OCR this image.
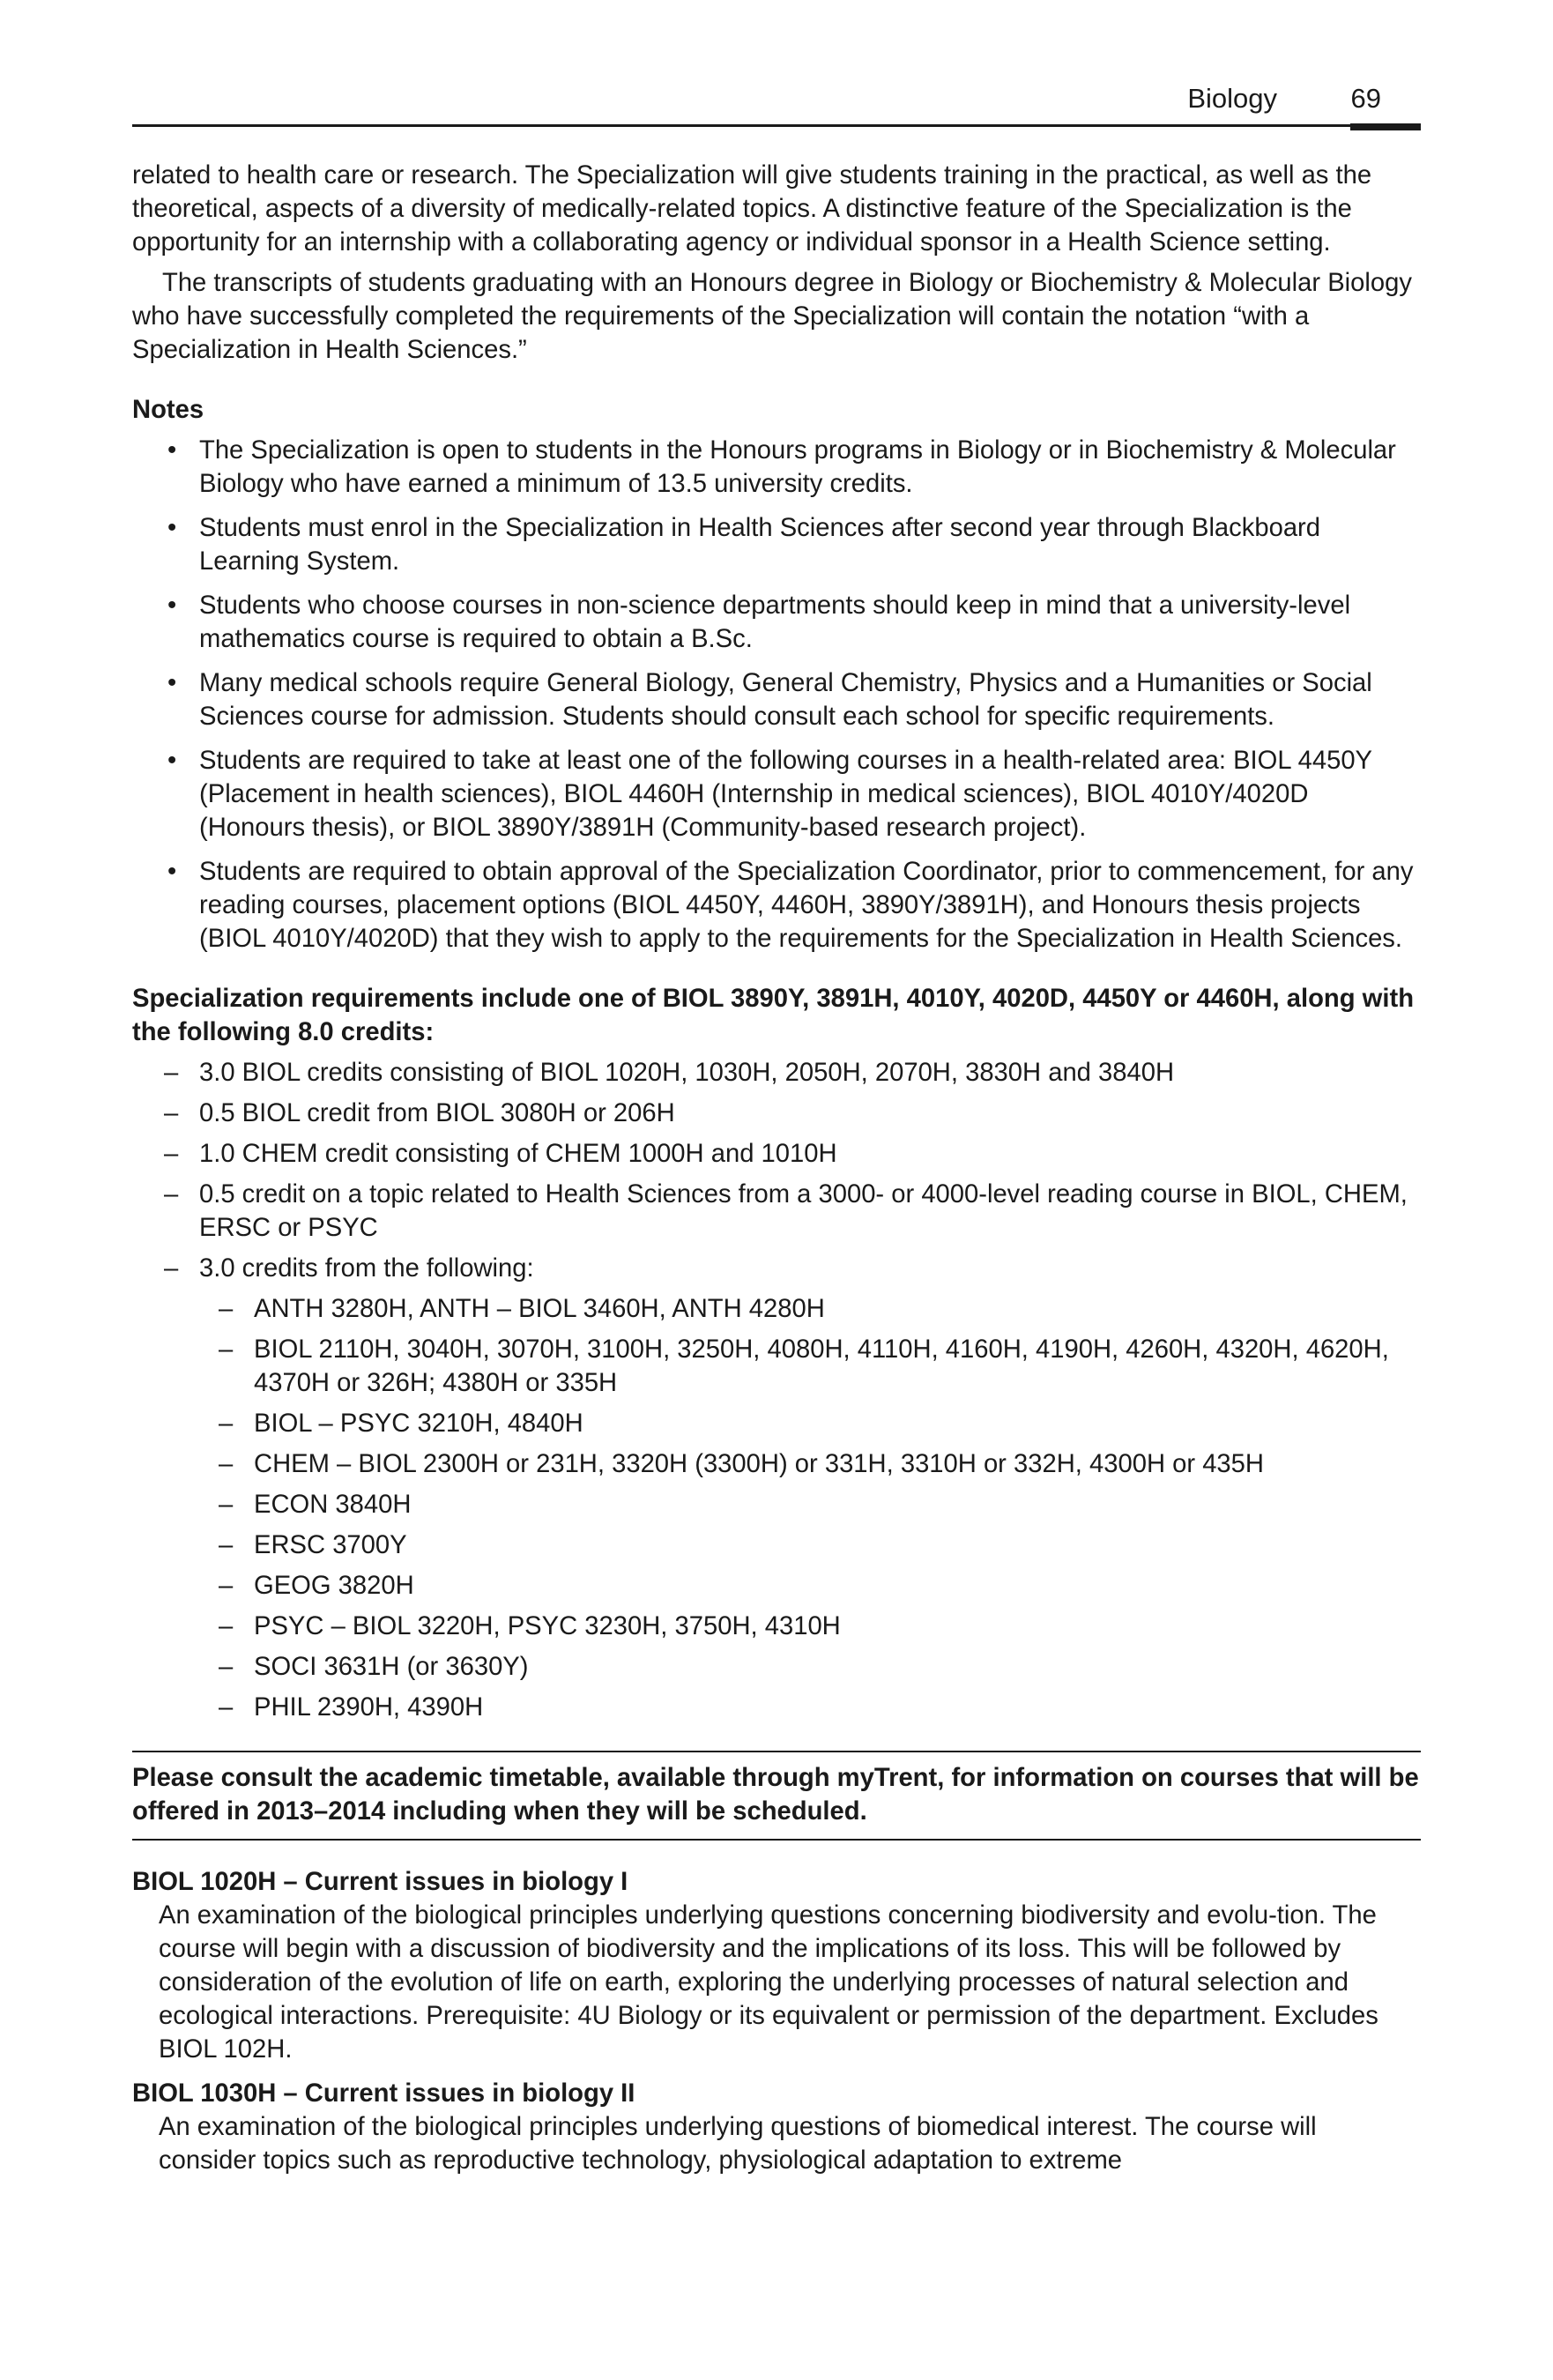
Biology	69

related to health care or research. The Specialization will give students training in the practical, as well as the theoretical, aspects of a diversity of medically-related topics. A distinctive feature of the Specialization is the opportunity for an internship with a collaborating agency or individual sponsor in a Health Science setting.

The transcripts of students graduating with an Honours degree in Biology or Biochemistry & Molecular Biology who have successfully completed the requirements of the Specialization will contain the notation “with a Specialization in Health Sciences.”

Notes
• The Specialization is open to students in the Honours programs in Biology or in Biochemistry & Molecular Biology who have earned a minimum of 13.5 university credits.
• Students must enrol in the Specialization in Health Sciences after second year through Blackboard Learning System.
• Students who choose courses in non-science departments should keep in mind that a university-level mathematics course is required to obtain a B.Sc.
• Many medical schools require General Biology, General Chemistry, Physics and a Humanities or Social Sciences course for admission. Students should consult each school for specific requirements.
• Students are required to take at least one of the following courses in a health-related area: BIOL 4450Y (Placement in health sciences), BIOL 4460H (Internship in medical sciences), BIOL 4010Y/4020D (Honours thesis), or BIOL 3890Y/3891H (Community-based research project).
• Students are required to obtain approval of the Specialization Coordinator, prior to commencement, for any reading courses, placement options (BIOL 4450Y, 4460H, 3890Y/3891H), and Honours thesis projects (BIOL 4010Y/4020D) that they wish to apply to the requirements for the Specialization in Health Sciences.
Specialization requirements include one of BIOL 3890Y, 3891H, 4010Y, 4020D, 4450Y or 4460H, along with the following 8.0 credits:
– 3.0 BIOL credits consisting of BIOL 1020H, 1030H, 2050H, 2070H, 3830H and 3840H
– 0.5 BIOL credit from BIOL 3080H or 206H
– 1.0 CHEM credit consisting of CHEM 1000H and 1010H
– 0.5 credit on a topic related to Health Sciences from a 3000- or 4000-level reading course in BIOL, CHEM, ERSC or PSYC
– 3.0 credits from the following:
– ANTH 3280H, ANTH – BIOL 3460H, ANTH 4280H
– BIOL 2110H, 3040H, 3070H, 3100H, 3250H, 4080H, 4110H, 4160H, 4190H, 4260H, 4320H, 4620H, 4370H or 326H; 4380H or 335H
– BIOL – PSYC 3210H, 4840H
– CHEM – BIOL 2300H or 231H, 3320H (3300H) or 331H, 3310H or 332H, 4300H or 435H
– ECON 3840H
– ERSC 3700Y
– GEOG 3820H
– PSYC – BIOL 3220H, PSYC 3230H, 3750H, 4310H
– SOCI 3631H (or 3630Y)
– PHIL 2390H, 4390H
Please consult the academic timetable, available through myTrent, for information on courses that will be offered in 2013–2014 including when they will be scheduled.
BIOL 1020H – Current issues in biology I
An examination of the biological principles underlying questions concerning biodiversity and evolu-tion. The course will begin with a discussion of biodiversity and the implications of its loss. This will be followed by consideration of the evolution of life on earth, exploring the underlying processes of natural selection and ecological interactions. Prerequisite: 4U Biology or its equivalent or permission of the department. Excludes BIOL 102H.
BIOL 1030H – Current issues in biology II
An examination of the biological principles underlying questions of biomedical interest. The course will consider topics such as reproductive technology, physiological adaptation to extreme
